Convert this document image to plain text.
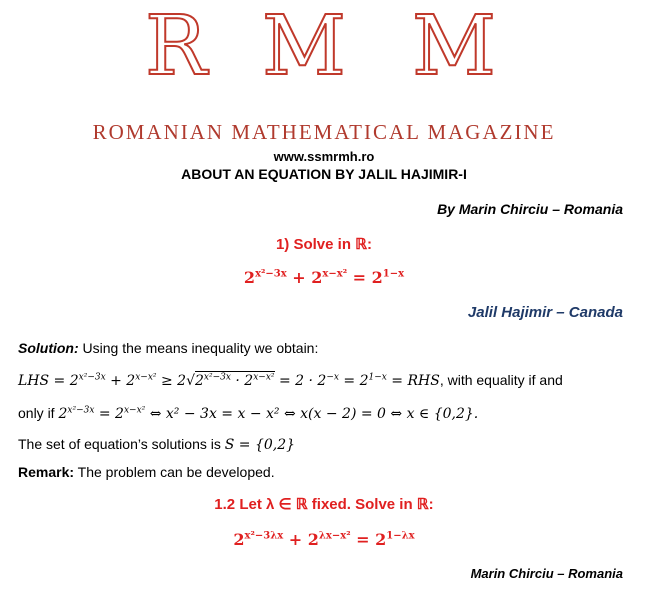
R M M
ROMANIAN MATHEMATICAL MAGAZINE
www.ssmrmh.ro
ABOUT AN EQUATION BY JALIL HAJIMIR-I
By Marin Chirciu – Romania
1) Solve in ℝ:
$2^{x^2-3x} + 2^{x-x^2} = 2^{1-x}$
Jalil Hajimir – Canada
Solution: Using the means inequality we obtain:
LHS = $2^{x^2-3x} + 2^{x-x^2} \ge 2√2^{x^2-3x} \cdot 2^{x-x^2} = 2 \cdot 2^{-x} = 2^{1-x}$ = RHS, with equality if and
only if $2^{x^2-3x} = 2^{x-x^2}$ ⇔ x² − 3x = x − x² ⇔ x(x − 2) = 0 ⇔ x ∈ {0,2}.
The set of equation’s solutions is S = {0,2}
Remark: The problem can be developed.
1.2 Let λ ∈ ℝ fixed. Solve in ℝ:
$2^{x^2-3\lambda x} + 2^{\lambda x-x^2} = 2^{1-\lambda x}$
Marin Chirciu – Romania
